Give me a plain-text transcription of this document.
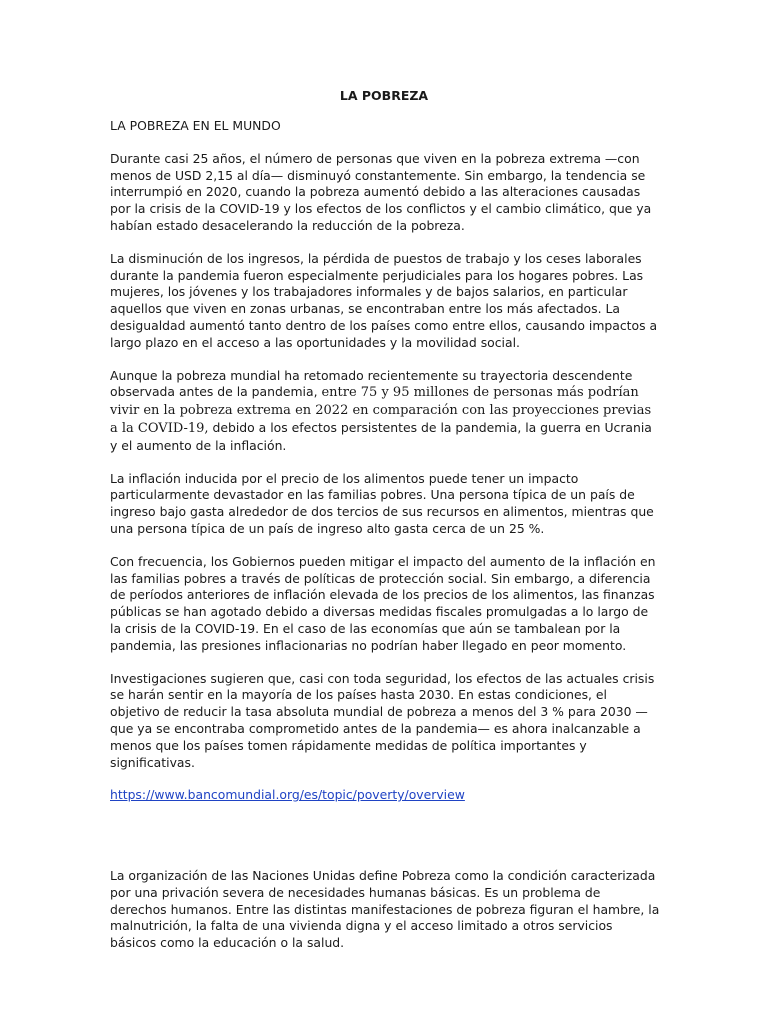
LA POBREZA

LA POBREZA EN EL MUNDO

Durante casi 25 años, el número de personas que viven en la pobreza extrema —con menos de USD 2,15 al día— disminuyó constantemente. Sin embargo, la tendencia se interrumpió en 2020, cuando la pobreza aumentó debido a las alteraciones causadas por la crisis de la COVID-19 y los efectos de los conflictos y el cambio climático, que ya habían estado desacelerando la reducción de la pobreza.

La disminución de los ingresos, la pérdida de puestos de trabajo y los ceses laborales durante la pandemia fueron especialmente perjudiciales para los hogares pobres. Las mujeres, los jóvenes y los trabajadores informales y de bajos salarios, en particular aquellos que viven en zonas urbanas, se encontraban entre los más afectados. La desigualdad aumentó tanto dentro de los países como entre ellos, causando impactos a largo plazo en el acceso a las oportunidades y la movilidad social.

Aunque la pobreza mundial ha retomado recientemente su trayectoria descendente observada antes de la pandemia, entre 75 y 95 millones de personas más podrían vivir en la pobreza extrema en 2022 en comparación con las proyecciones previas a la COVID-19, debido a los efectos persistentes de la pandemia, la guerra en Ucrania y el aumento de la inflación.

La inflación inducida por el precio de los alimentos puede tener un impacto particularmente devastador en las familias pobres. Una persona típica de un país de ingreso bajo gasta alrededor de dos tercios de sus recursos en alimentos, mientras que una persona típica de un país de ingreso alto gasta cerca de un 25 %.

Con frecuencia, los Gobiernos pueden mitigar el impacto del aumento de la inflación en las familias pobres a través de políticas de protección social. Sin embargo, a diferencia de períodos anteriores de inflación elevada de los precios de los alimentos, las finanzas públicas se han agotado debido a diversas medidas fiscales promulgadas a lo largo de la crisis de la COVID-19. En el caso de las economías que aún se tambalean por la pandemia, las presiones inflacionarias no podrían haber llegado en peor momento.

Investigaciones sugieren que, casi con toda seguridad, los efectos de las actuales crisis se harán sentir en la mayoría de los países hasta 2030. En estas condiciones, el objetivo de reducir la tasa absoluta mundial de pobreza a menos del 3 % para 2030 —que ya se encontraba comprometido antes de la pandemia— es ahora inalcanzable a menos que los países tomen rápidamente medidas de política importantes y significativas.

https://www.bancomundial.org/es/topic/poverty/overview

La organización de las Naciones Unidas define Pobreza como la condición caracterizada por una privación severa de necesidades humanas básicas. Es un problema de derechos humanos. Entre las distintas manifestaciones de pobreza figuran el hambre, la malnutrición, la falta de una vivienda digna y el acceso limitado a otros servicios básicos como la educación o la salud.
